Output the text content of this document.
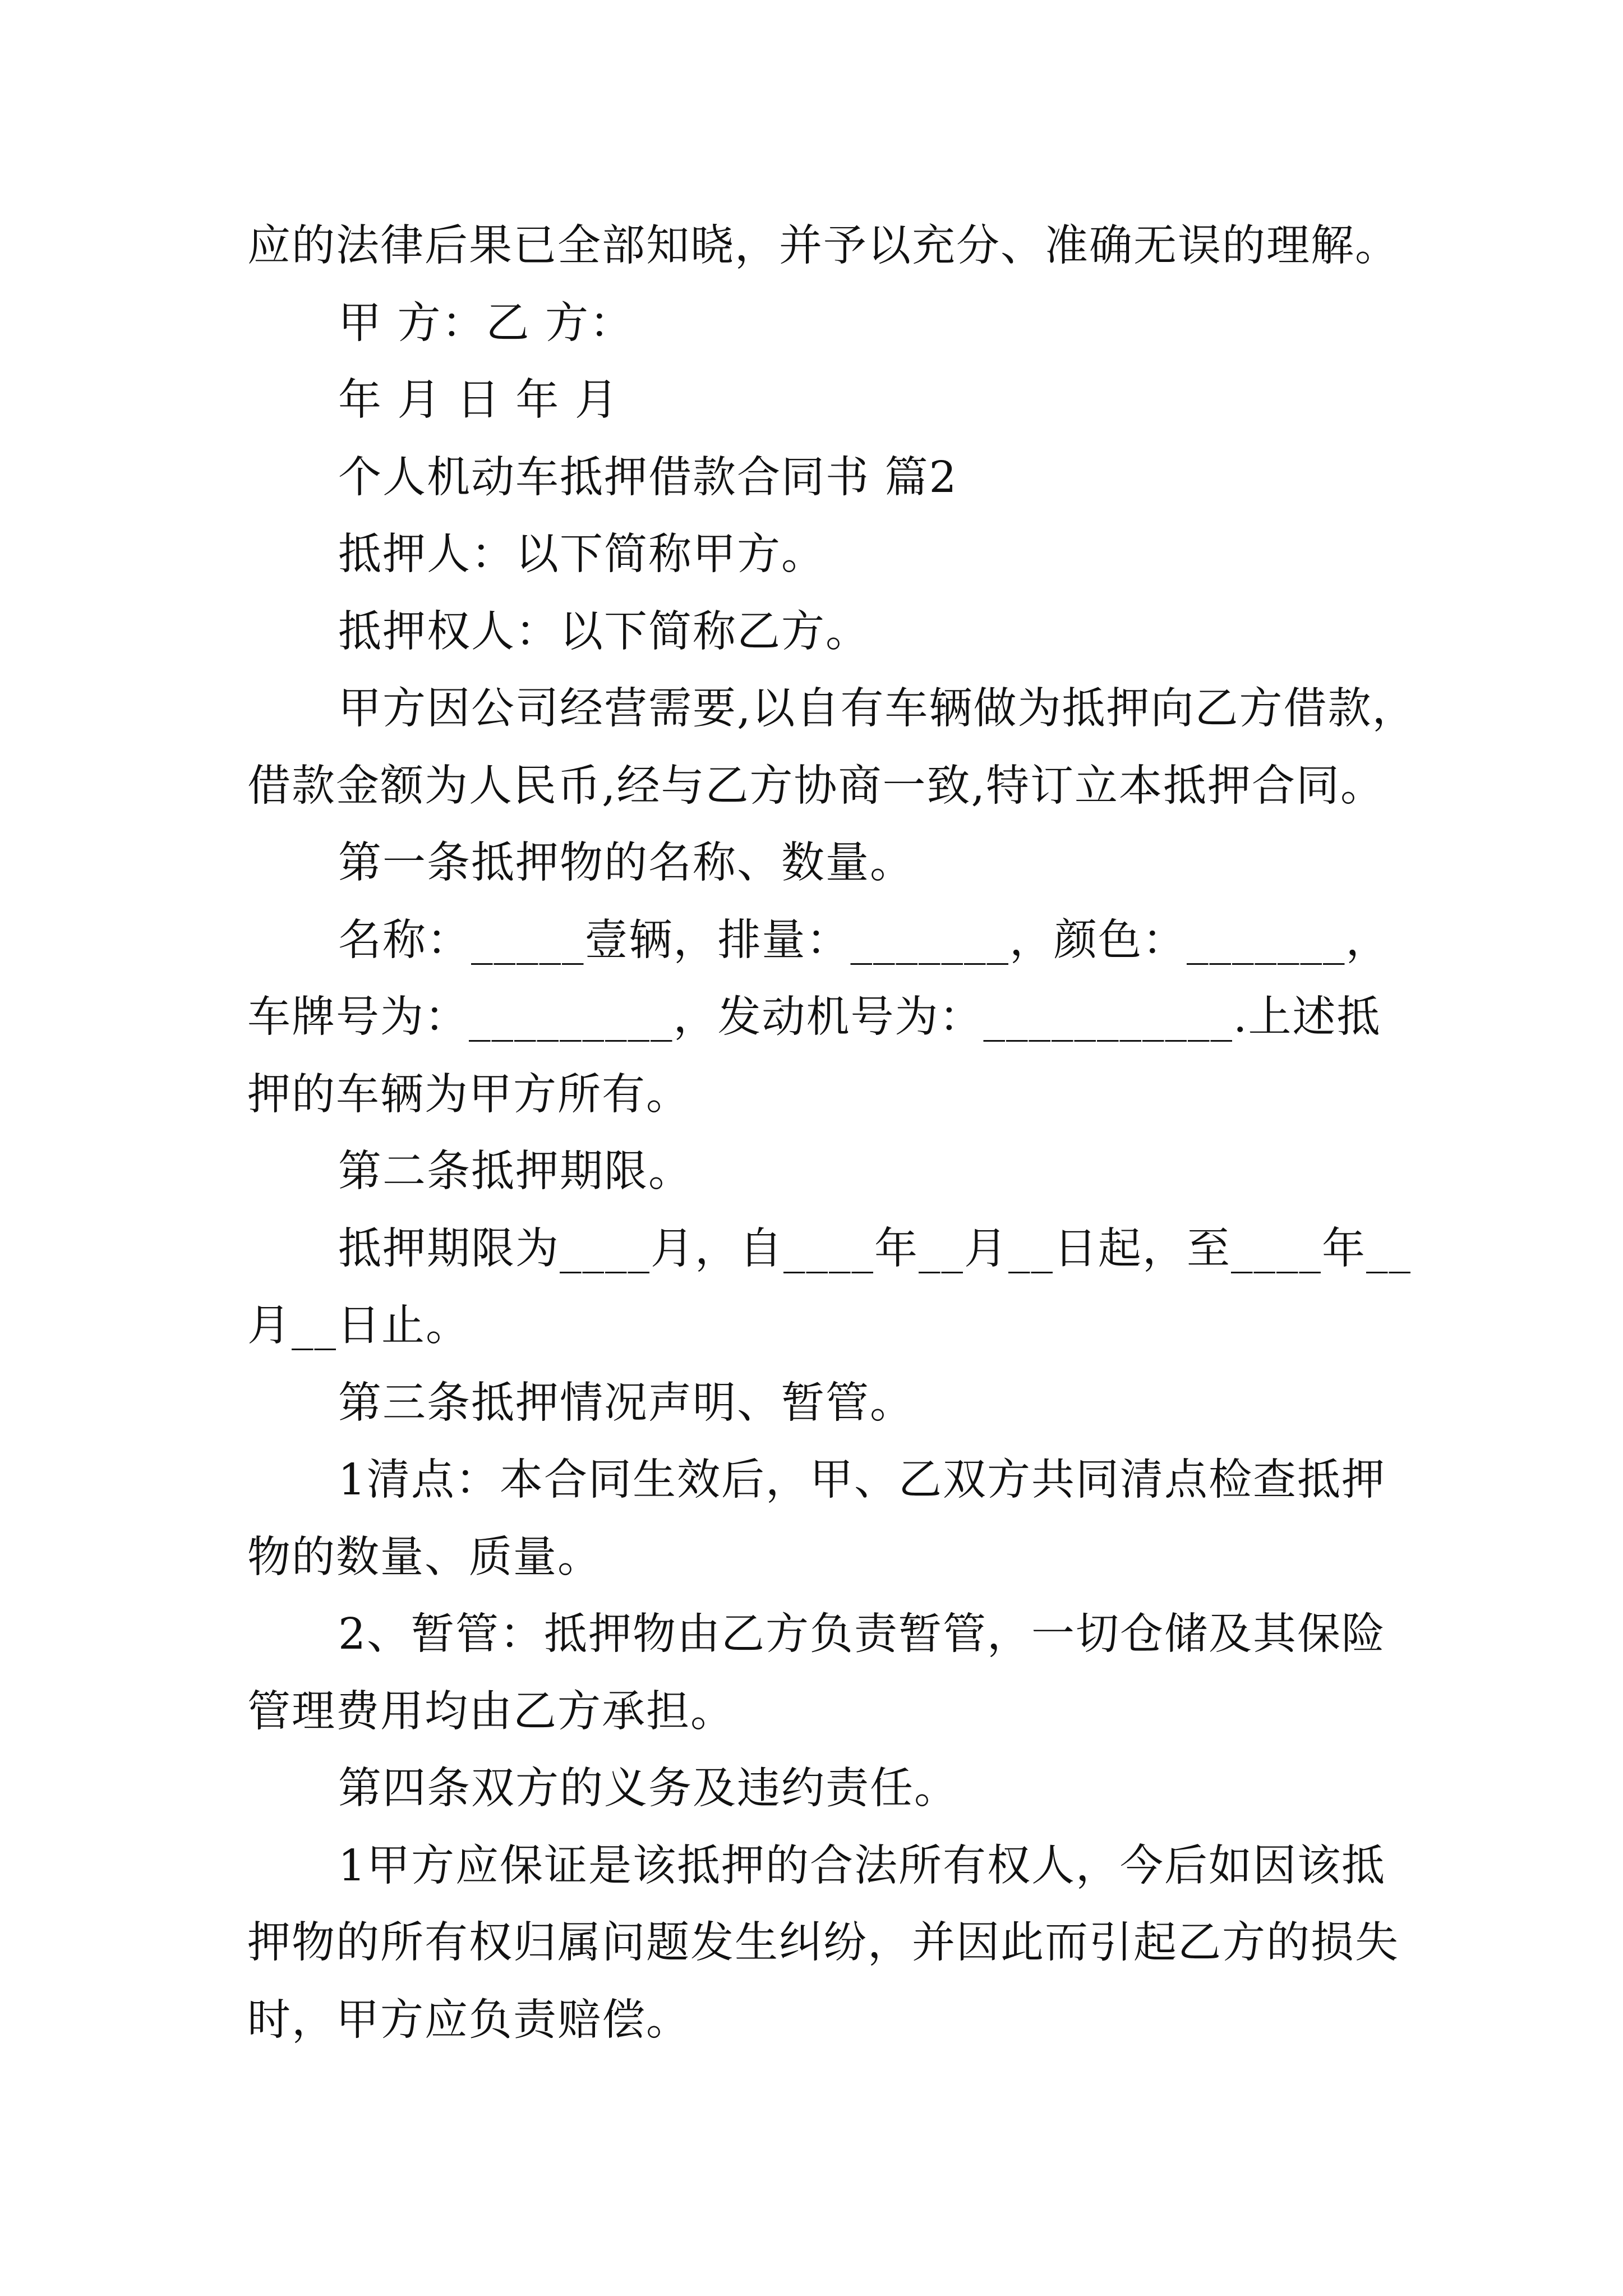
应的法律后果已全部知晓，并予以充分、准确无误的理解。
甲 方：乙 方：
年 月 日 年 月
个人机动车抵押借款合同书 篇2
抵押人：以下简称甲方。
抵押权人：以下简称乙方。
甲方因公司经营需要,以自有车辆做为抵押向乙方借款，
借款金额为人民币,经与乙方协商一致,特订立本抵押合同。
第一条抵押物的名称、数量。
名称：_____壹辆，排量：_______，颜色：_______，
车牌号为：_________，发动机号为：___________.上述抵
押的车辆为甲方所有。
第二条抵押期限。
抵押期限为____月，自____年__月__日起，至____年__
月__日止。
第三条抵押情况声明、暂管。
1清点：本合同生效后，甲、乙双方共同清点检查抵押
物的数量、质量。
2、暂管：抵押物由乙方负责暂管，一切仓储及其保险
管理费用均由乙方承担。
第四条双方的义务及违约责任。
1甲方应保证是该抵押的合法所有权人，今后如因该抵
押物的所有权归属问题发生纠纷，并因此而引起乙方的损失
时，甲方应负责赔偿。
